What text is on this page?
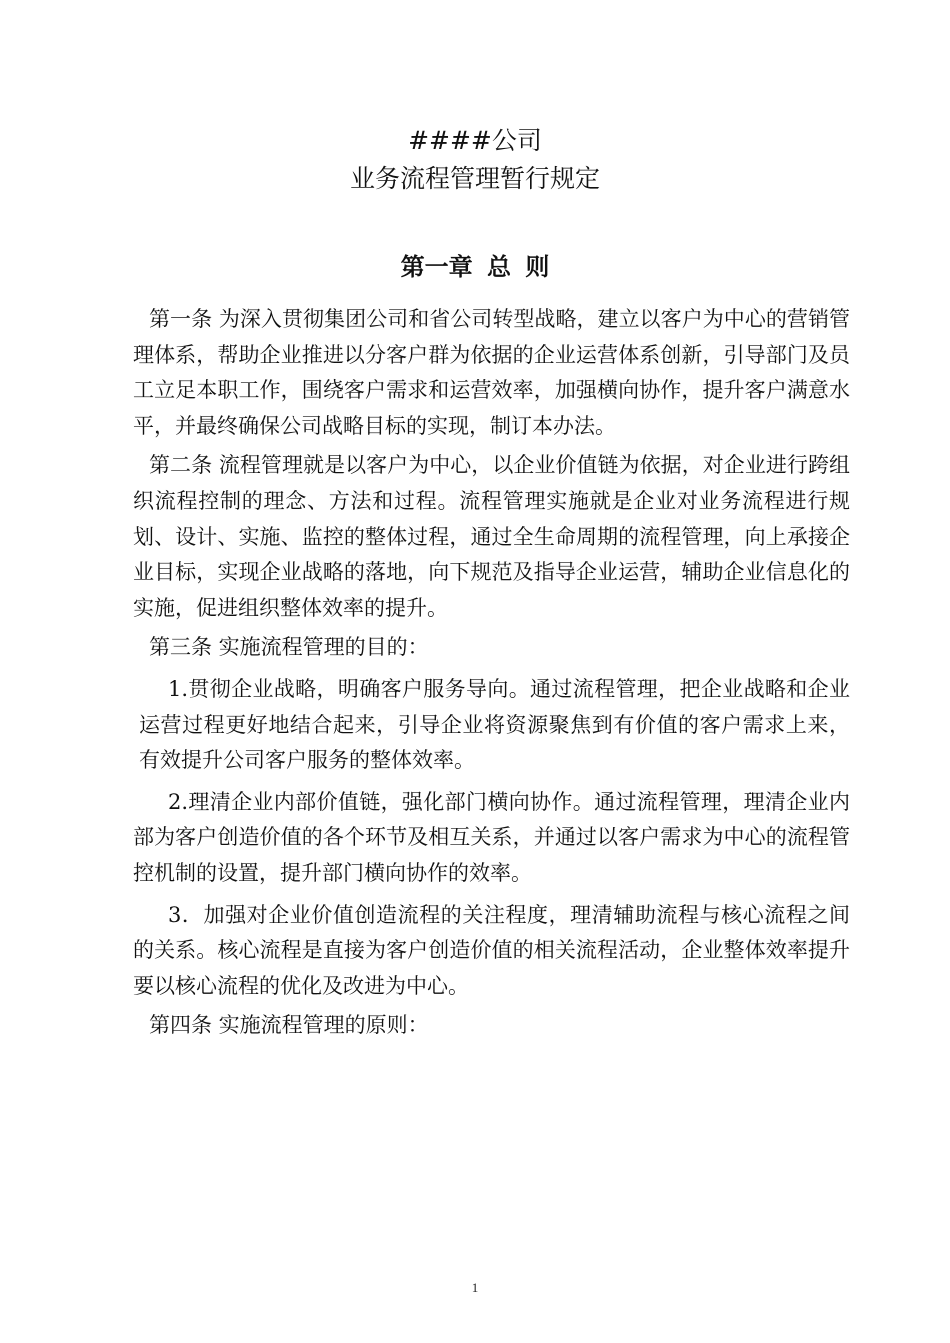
####公司
业务流程管理暂行规定
第一章 总 则

第一条 为深入贯彻集团公司和省公司转型战略，建立以客户为中心的营销管理体系，帮助企业推进以分客户群为依据的企业运营体系创新，引导部门及员工立足本职工作，围绕客户需求和运营效率，加强横向协作，提升客户满意水平，并最终确保公司战略目标的实现，制订本办法。

第二条 流程管理就是以客户为中心，以企业价值链为依据，对企业进行跨组织流程控制的理念、方法和过程。流程管理实施就是企业对业务流程进行规划、设计、实施、监控的整体过程，通过全生命周期的流程管理，向上承接企业目标，实现企业战略的落地，向下规范及指导企业运营，辅助企业信息化的实施，促进组织整体效率的提升。

第三条 实施流程管理的目的：

1.贯彻企业战略，明确客户服务导向。通过流程管理，把企业战略和企业运营过程更好地结合起来，引导企业将资源聚焦到有价值的客户需求上来，有效提升公司客户服务的整体效率。

2.理清企业内部价值链，强化部门横向协作。通过流程管理，理清企业内部为客户创造价值的各个环节及相互关系，并通过以客户需求为中心的流程管控机制的设置，提升部门横向协作的效率。

3．加强对企业价值创造流程的关注程度，理清辅助流程与核心流程之间的关系。核心流程是直接为客户创造价值的相关流程活动，企业整体效率提升要以核心流程的优化及改进为中心。

第四条 实施流程管理的原则：

1
